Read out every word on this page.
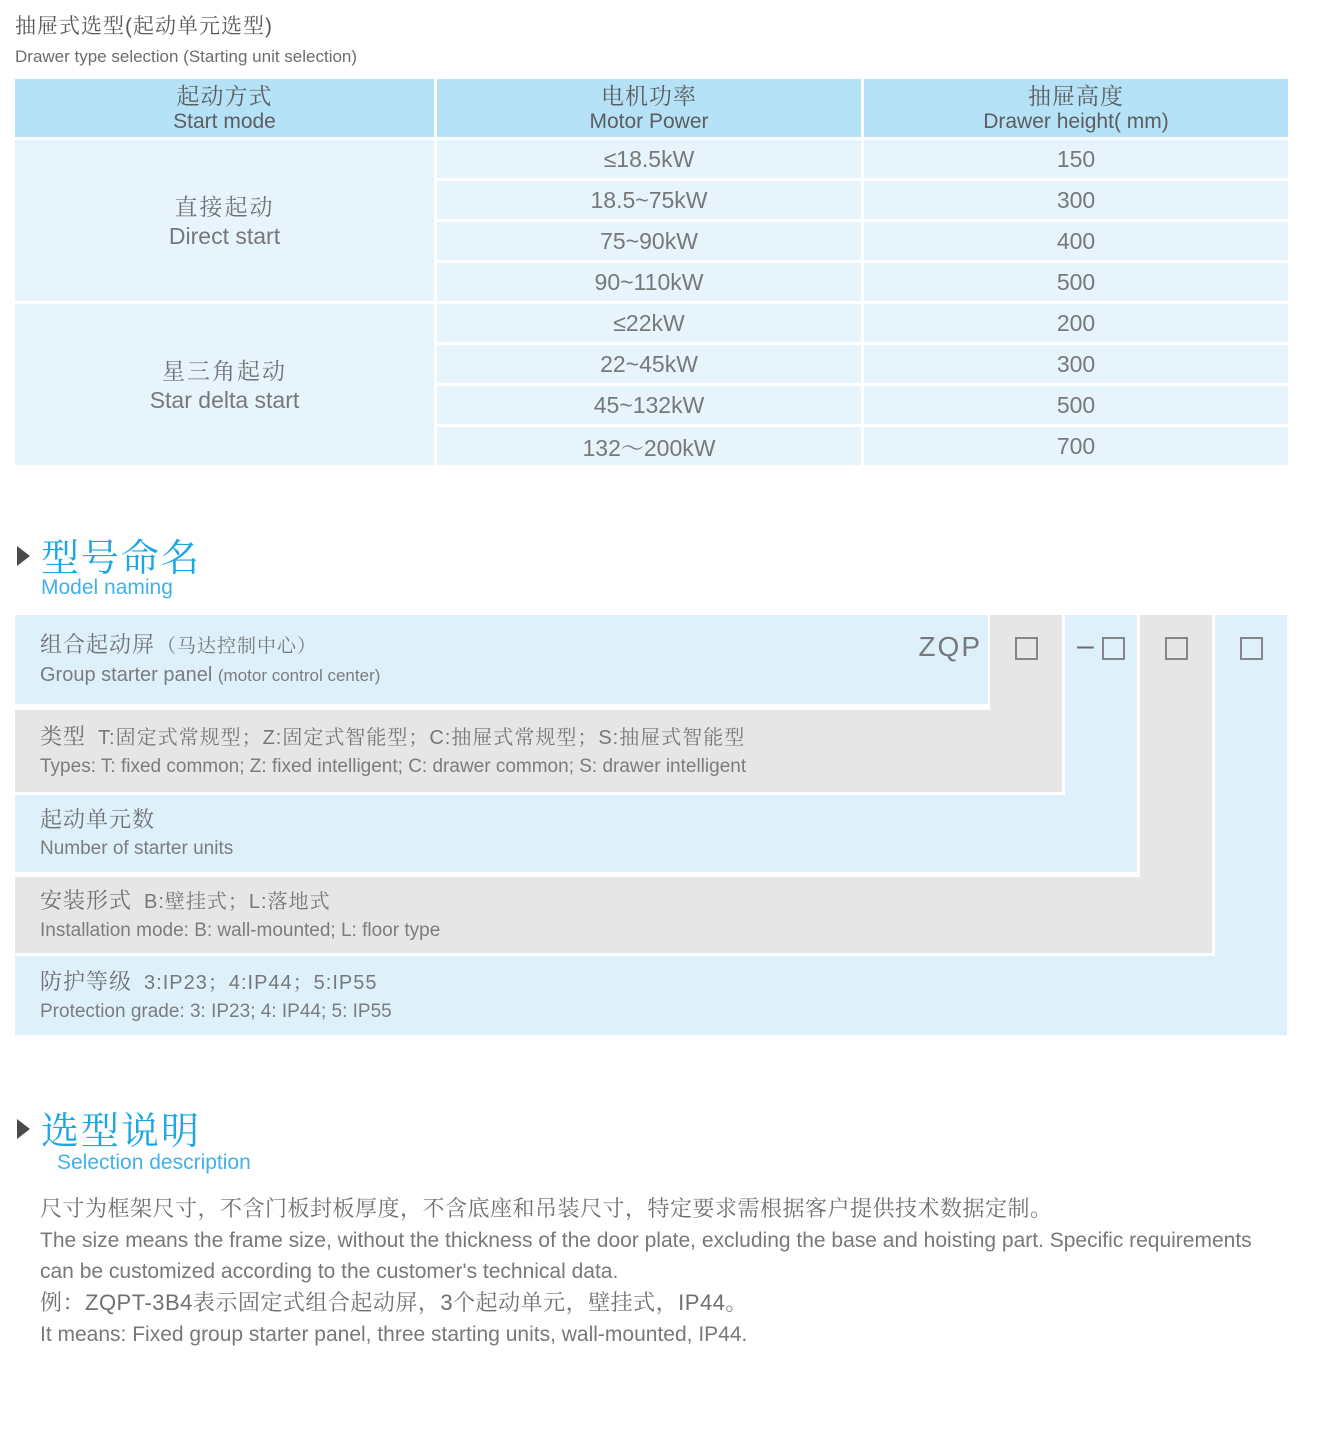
抽屉式选型(起动单元选型)
Drawer type selection (Starting unit selection)
起动方式
Start mode
电机功率
Motor Power
抽屉高度
Drawer height( mm)
直接起动
Direct start
星三角起动
Star delta start
≤18.5kW
18.5~75kW
75~90kW
90~110kW
≤22kW
22~45kW
45~132kW
132～200kW
150
300
400
500
200
300
500
700
型号命名
Model naming
组合起动屏 （马达控制中心）
Group starter panel (motor control center)
ZQP
类型 T:固定式常规型；Z:固定式智能型；C:抽屉式常规型；S:抽屉式智能型
Types: T: fixed common; Z: fixed intelligent; C: drawer common; S: drawer intelligent
起动单元数
Number of starter units
安装形式 B:壁挂式；L:落地式
Installation mode: B: wall-mounted; L: floor type
防护等级 3:IP23；4:IP44；5:IP55
Protection grade: 3: IP23; 4: IP44; 5: IP55
–
选型说明
Selection description

尺寸为框架尺寸，不含门板封板厚度，不含底座和吊装尺寸，特定要求需根据客户提供技术数据定制。

The size means the frame size, without the thickness of the door plate, excluding the base and hoisting part. Specific requirements can be customized according to the customer's technical data.

例：ZQPT-3B4表示固定式组合起动屏，3个起动单元，壁挂式，IP44。

It means: Fixed group starter panel, three starting units, wall-mounted, IP44.
